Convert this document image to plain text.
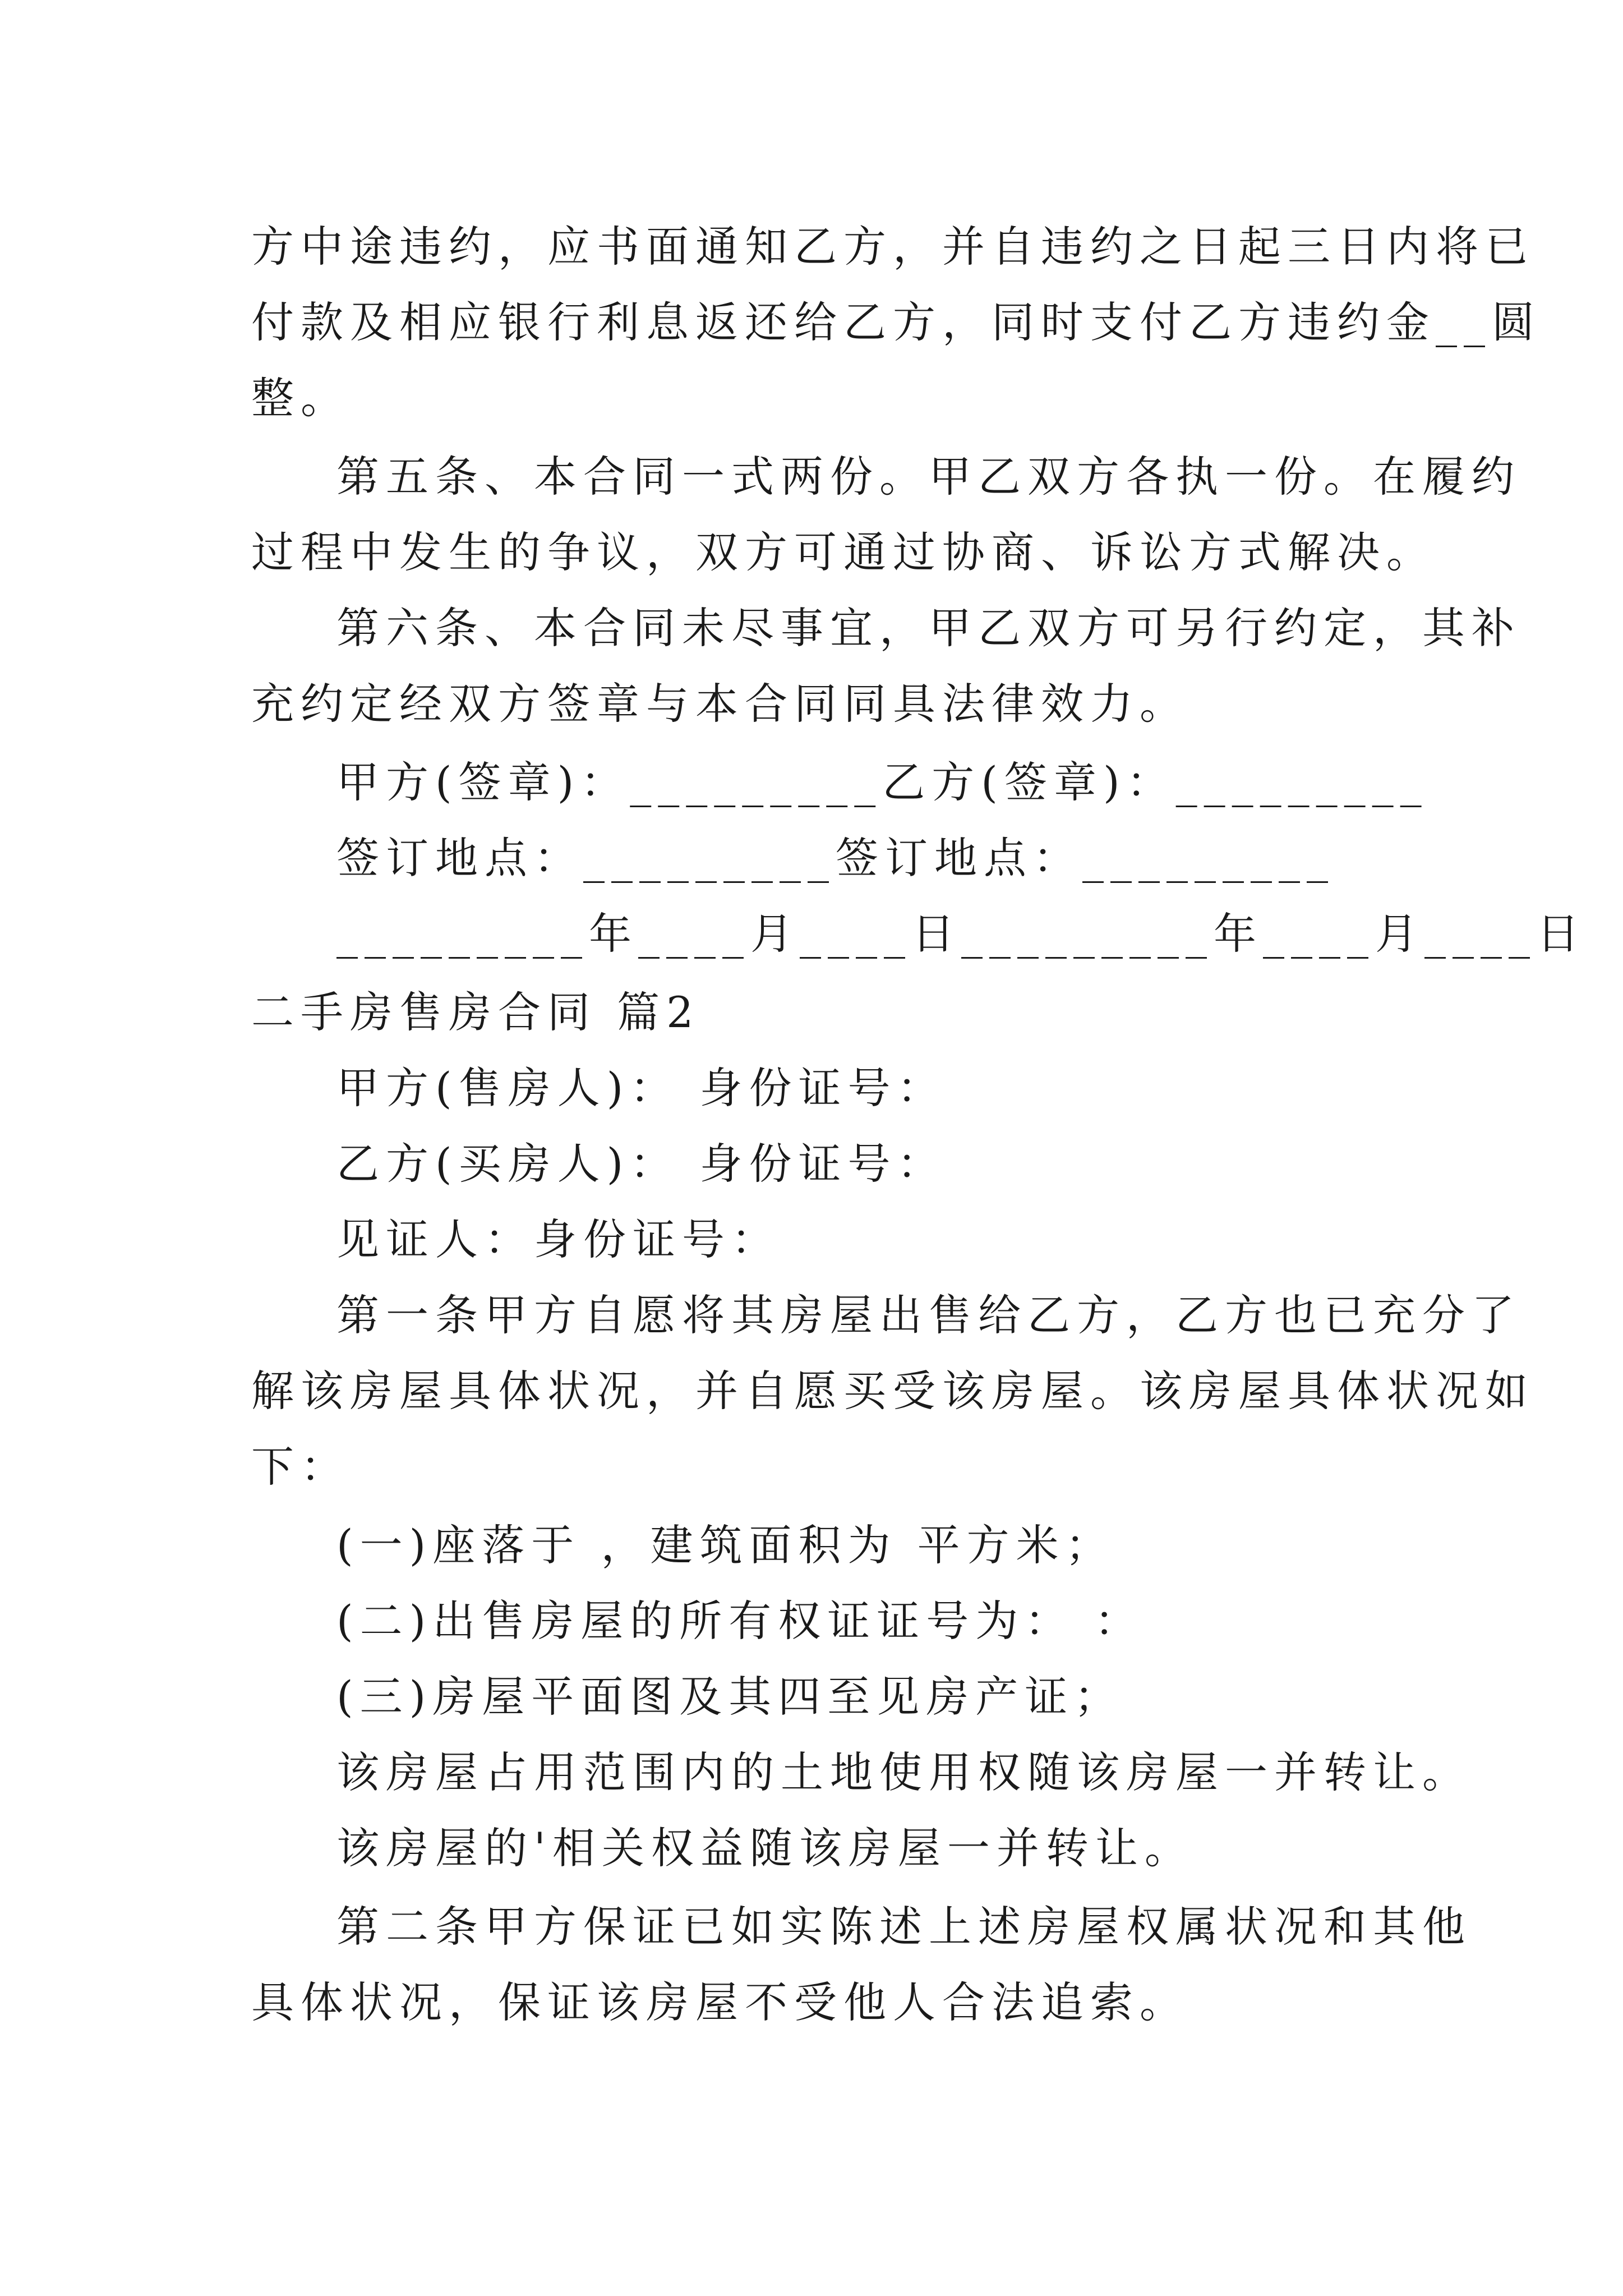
方中途违约，应书面通知乙方，并自违约之日起三日内将已
付款及相应银行利息返还给乙方，同时支付乙方违约金__圆
整。
第五条、本合同一式两份。甲乙双方各执一份。在履约
过程中发生的争议，双方可通过协商、诉讼方式解决。
第六条、本合同未尽事宜，甲乙双方可另行约定，其补
充约定经双方签章与本合同同具法律效力。
甲方(签章)：_________乙方(签章)：_________
签订地点：_________签订地点：_________
_________年____月____日_________年____月____日
二手房售房合同 篇2
甲方(售房人)： 身份证号：
乙方(买房人)： 身份证号：
见证人：身份证号：
第一条甲方自愿将其房屋出售给乙方，乙方也已充分了
解该房屋具体状况，并自愿买受该房屋。该房屋具体状况如
下：
(一)座落于 ，建筑面积为 平方米；
(二)出售房屋的所有权证证号为： ：
(三)房屋平面图及其四至见房产证；
该房屋占用范围内的土地使用权随该房屋一并转让。
该房屋的'相关权益随该房屋一并转让。
第二条甲方保证已如实陈述上述房屋权属状况和其他
具体状况，保证该房屋不受他人合法追索。
